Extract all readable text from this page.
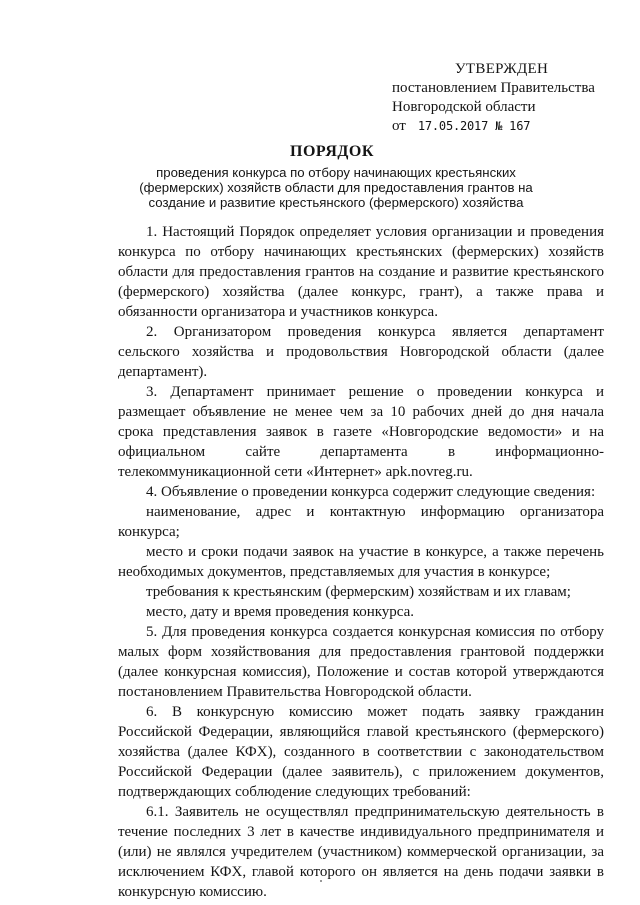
УТВЕРЖДЕН
постановлением Правительства
Новгородской области
от 17.05.2017 № 167
ПОРЯДОК
проведения конкурса по отбору начинающих крестьянских (фермерских) хозяйств области для предоставления грантов на создание и развитие крестьянского (фермерского) хозяйства

1. Настоящий Порядок определяет условия организации и проведения конкурса по отбору начинающих крестьянских (фермерских) хозяйств области для предоставления грантов на создание и развитие крестьянского (фермерского) хозяйства (далее конкурс, грант), а также права и обязанности организатора и участников конкурса.

2. Организатором проведения конкурса является департамент сельского хозяйства и продовольствия Новгородской области (далее департамент).

3. Департамент принимает решение о проведении конкурса и размещает объявление не менее чем за 10 рабочих дней до дня начала срока представления заявок в газете «Новгородские ведомости» и на официальном сайте департамента в информационно-телекоммуникационной сети «Интернет» apk.novreg.ru.

4. Объявление о проведении конкурса содержит следующие сведения:

наименование, адрес и контактную информацию организатора конкурса;

место и сроки подачи заявок на участие в конкурсе, а также перечень необходимых документов, представляемых для участия в конкурсе;

требования к крестьянским (фермерским) хозяйствам и их главам;

место, дату и время проведения конкурса.

5. Для проведения конкурса создается конкурсная комиссия по отбору малых форм хозяйствования для предоставления грантовой поддержки (далее конкурсная комиссия), Положение и состав которой утверждаются постановлением Правительства Новгородской области.

6. В конкурсную комиссию может подать заявку гражданин Российской Федерации, являющийся главой крестьянского (фермерского) хозяйства (далее КФХ), созданного в соответствии с законодательством Российской Федерации (далее заявитель), с приложением документов, подтверждающих соблюдение следующих требований:

6.1. Заявитель не осуществлял предпринимательскую деятельность в течение последних 3 лет в качестве индивидуального предпринимателя и (или) не являлся учредителем (участником) коммерческой организации, за исключением КФХ, главой которого он является на день подачи заявки в конкурсную комиссию.
